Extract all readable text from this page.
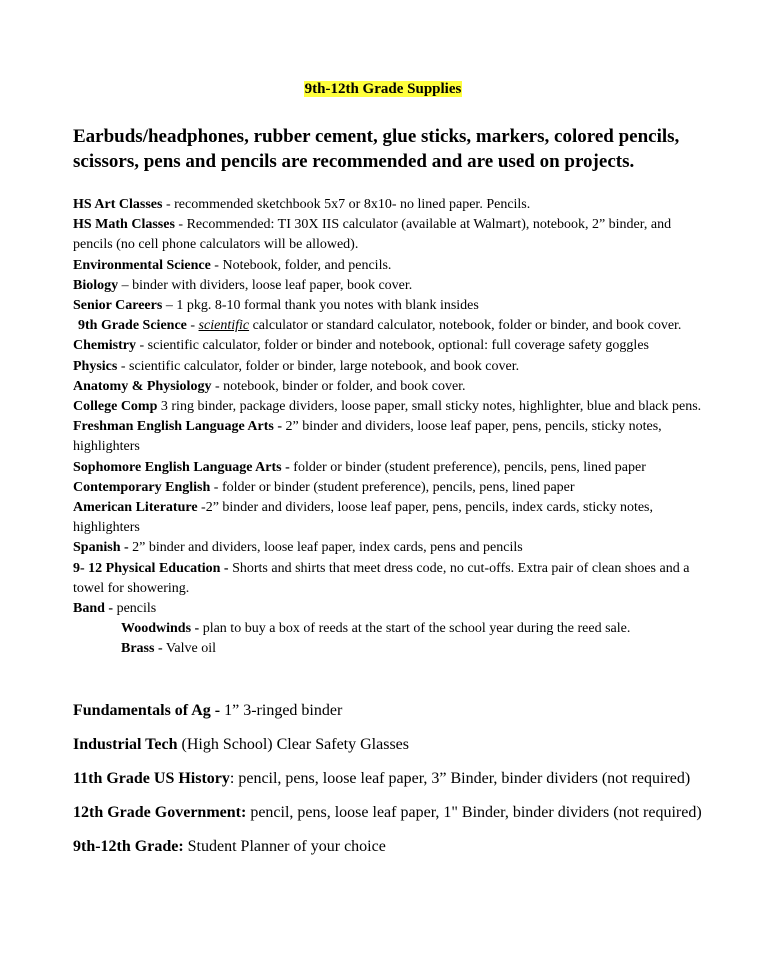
9th-12th Grade Supplies
Earbuds/headphones, rubber cement, glue sticks, markers, colored pencils, scissors, pens and pencils are recommended and are used on projects.

HS Art Classes - recommended sketchbook 5x7 or 8x10- no lined paper. Pencils.

HS Math Classes - Recommended: TI 30X IIS calculator (available at Walmart), notebook, 2” binder, and pencils (no cell phone calculators will be allowed).

Environmental Science - Notebook, folder, and pencils.

Biology – binder with dividers, loose leaf paper, book cover.

Senior Careers – 1 pkg. 8-10 formal thank you notes with blank insides

9th Grade Science - scientific calculator or standard calculator, notebook, folder or binder, and book cover.

Chemistry - scientific calculator, folder or binder and notebook, optional: full coverage safety goggles

Physics - scientific calculator, folder or binder, large notebook, and book cover.

Anatomy & Physiology - notebook, binder or folder, and book cover.

College Comp 3 ring binder, package dividers, loose paper, small sticky notes, highlighter, blue and black pens.

Freshman English Language Arts - 2” binder and dividers, loose leaf paper, pens, pencils, sticky notes, highlighters

Sophomore English Language Arts - folder or binder (student preference), pencils, pens, lined paper

Contemporary English - folder or binder (student preference), pencils, pens, lined paper

American Literature -2” binder and dividers, loose leaf paper, pens, pencils, index cards, sticky notes, highlighters

Spanish - 2” binder and dividers, loose leaf paper, index cards, pens and pencils

9- 12 Physical Education - Shorts and shirts that meet dress code, no cut-offs. Extra pair of clean shoes and a towel for showering.

Band - pencils

Woodwinds - plan to buy a box of reeds at the start of the school year during the reed sale.

Brass - Valve oil

Fundamentals of Ag - 1” 3-ringed binder

Industrial Tech (High School) Clear Safety Glasses

11th Grade US History: pencil, pens, loose leaf paper, 3” Binder, binder dividers (not required)

12th Grade Government: pencil, pens, loose leaf paper, 1" Binder, binder dividers (not required)

9th-12th Grade: Student Planner of your choice
